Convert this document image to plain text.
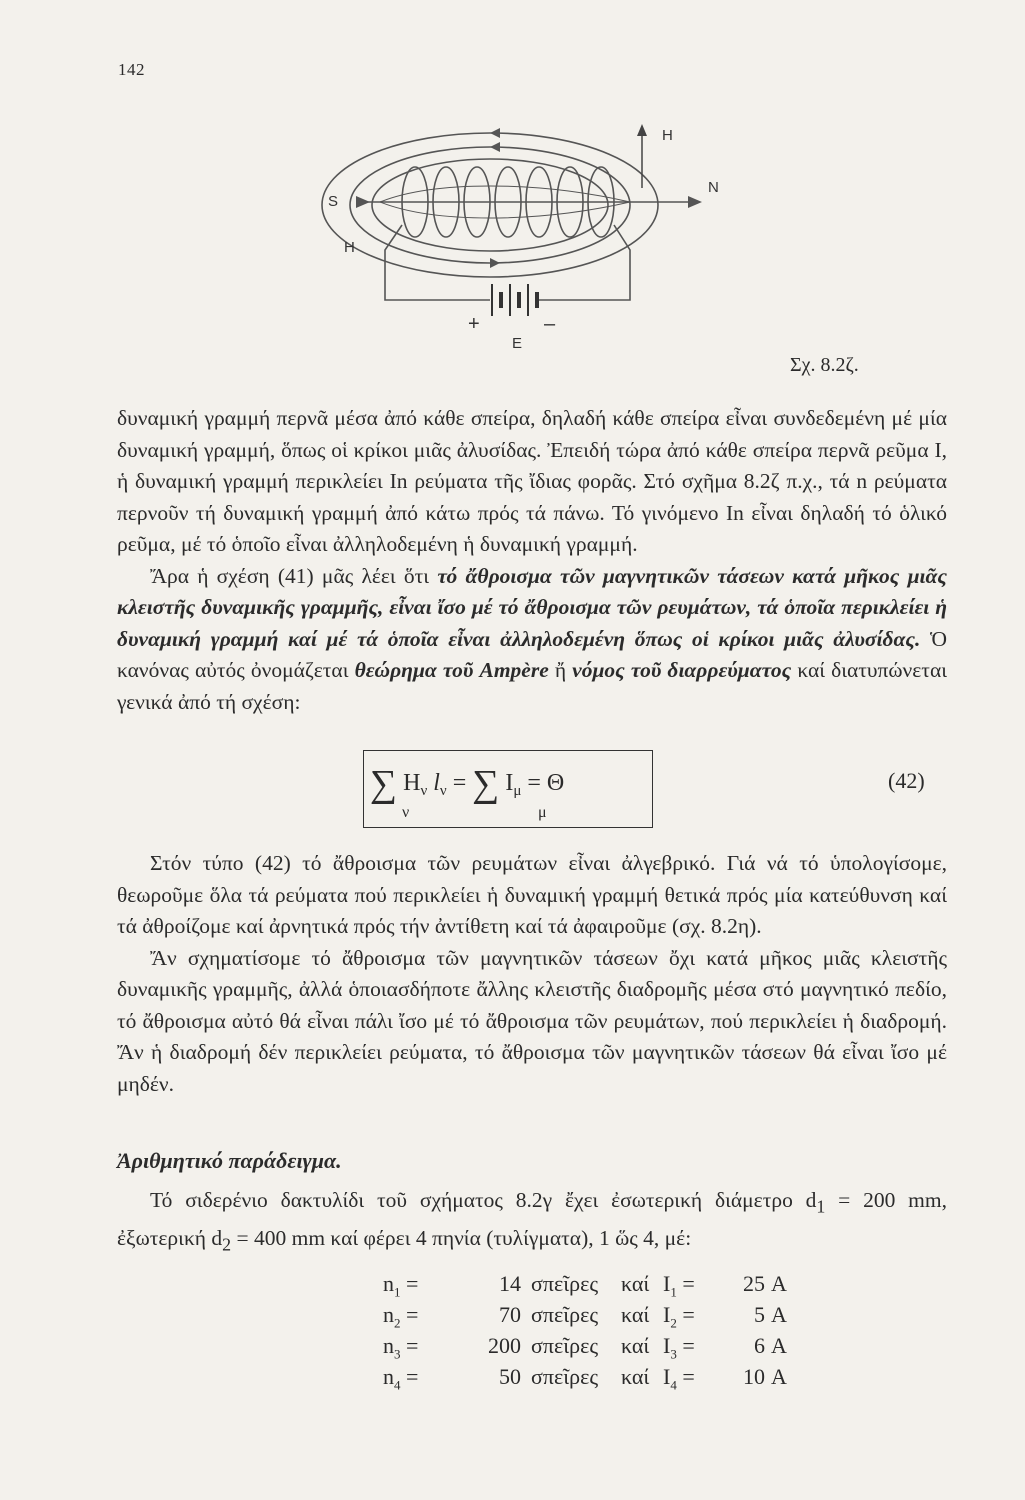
142
S
H
N
H
+	–
E
Σχ. 8.2ζ.

δυναμική γραμμή περνᾶ μέσα ἀπό κάθε σπείρα, δηλαδή κάθε σπείρα εἶναι συνδεδεμένη μέ μία δυναμική γραμμή, ὅπως οἱ κρίκοι μιᾶς ἀλυσίδας. Ἐπειδή τώρα ἀπό κάθε σπείρα περνᾶ ρεῦμα I, ἡ δυναμική γραμμή περικλείει In ρεύματα τῆς ἴδιας φορᾶς. Στό σχῆμα 8.2ζ π.χ., τά n ρεύματα περνοῦν τή δυναμική γραμμή ἀπό κάτω πρός τά πάνω. Τό γινόμενο In εἶναι δηλαδή τό ὁλικό ρεῦμα, μέ τό ὁποῖο εἶναι ἀλληλοδεμένη ἡ δυναμική γραμμή.

Ἄρα ἡ σχέση (41) μᾶς λέει ὅτι τό ἄθροισμα τῶν μαγνητικῶν τάσεων κατά μῆκος μιᾶς κλειστῆς δυναμικῆς γραμμῆς, εἶναι ἴσο μέ τό ἄθροισμα τῶν ρευμάτων, τά ὁποῖα περικλείει ἡ δυναμική γραμμή καί μέ τά ὁποῖα εἶναι ἀλληλοδεμένη ὅπως οἱ κρίκοι μιᾶς ἀλυσίδας. Ὁ κανόνας αὐτός ὀνομάζεται θεώρημα τοῦ Ampère ἤ νόμος τοῦ διαρρεύματος καί διατυπώνεται γενικά ἀπό τή σχέση:

∑ $H_\nu$ $l_\nu$ = ∑ $I_\mu = \Theta$
ν	μ
(42)

Στόν τύπο (42) τό ἄθροισμα τῶν ρευμάτων εἶναι ἀλγεβρικό. Γιά νά τό ὑπολογίσομε, θεωροῦμε ὅλα τά ρεύματα πού περικλείει ἡ δυναμική γραμμή θετικά πρός μία κατεύθυνση καί τά ἀθροίζομε καί ἀρνητικά πρός τήν ἀντίθετη καί τά ἀφαιροῦμε (σχ. 8.2η).

Ἄν σχηματίσομε τό ἄθροισμα τῶν μαγνητικῶν τάσεων ὄχι κατά μῆκος μιᾶς κλειστῆς δυναμικῆς γραμμῆς, ἀλλά ὁποιασδήποτε ἄλλης κλειστῆς διαδρομῆς μέσα στό μαγνητικό πεδίο, τό ἄθροισμα αὐτό θά εἶναι πάλι ἴσο μέ τό ἄθροισμα τῶν ρευμάτων, πού περικλείει ἡ διαδρομή. Ἄν ἡ διαδρομή δέν περικλείει ρεύματα, τό ἄθροισμα τῶν μαγνητικῶν τάσεων θά εἶναι ἴσο μέ μηδέν.

Ἀριθμητικό παράδειγμα.

Τό σιδερένιο δακτυλίδι τοῦ σχήματος 8.2γ ἔχει ἐσωτερική διάμετρο $d_1 = 200$ mm, ἐξωτερική $d_2 = 400$ mm καί φέρει 4 πηνία (τυλίγματα), 1 ὥς 4, μέ:

$n_1$ =	14 σπεῖρες καί $I_1$ =	25 A
$n_2$ =	70 σπεῖρες καί $I_2$ =	5 A
$n_3$ =	200 σπεῖρες καί $I_3$ =	6 A
$n_4$ =	50 σπεῖρες καί $I_4$ =	10 A
